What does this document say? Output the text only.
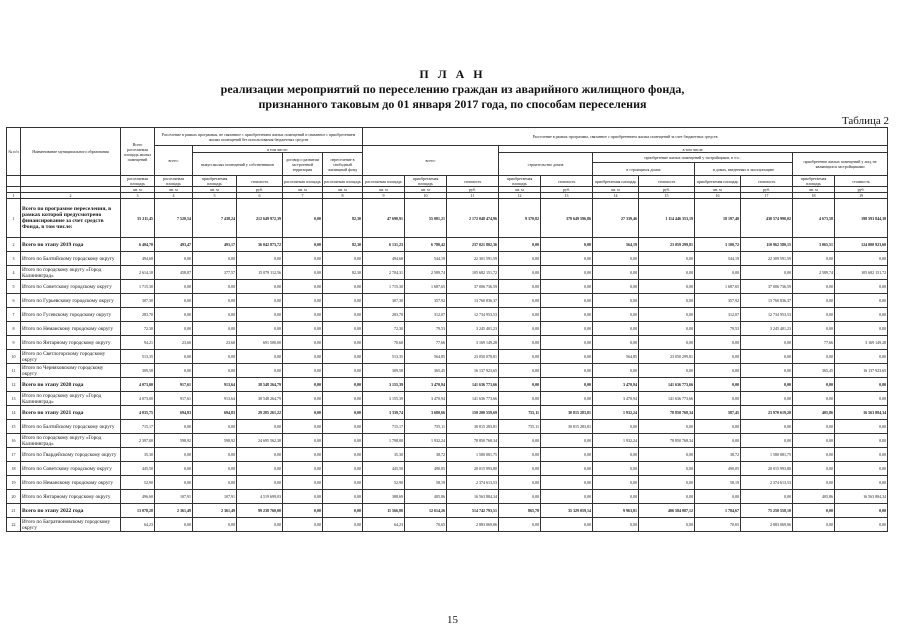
П Л А Н
реализации мероприятий по переселению граждан из аварийного жилищного фонда,
признанного таковым до 01 января 2017 года, по способам переселения
Таблица 2
№ п/п	Наименование муниципального образования	Всего расселяемая площадь жилых помещений	Расселение в рамках программы, не связанное с приобретением жилых помещений и связанное с приобретением жилых помещений без использования бюджетных средств					Расселение в рамках программы, связанное с приобретением жилых помещений за счет бюджетных средств										
			всего:	в том числе:				всего:			в том числе:							
				выкуп жилых помещений у собственников		договор о развитии застроенной территории	переселение в свободный жилищный фонд				строительство домов		приобретение жилых помещений у застройщиков, в т.ч.:				приобретение жилых помещений у лиц, не являющихся застройщиками	
													в строящихся домах		в домах, введенных в эксплуатацию			
		расселяемая площадь	расселяемая площадь	приобретаемая площадь	стоимость	расселяемая площадь	расселяемая площадь	расселяемая площадь	приобретаемая площадь	стоимость	приобретаемая площадь	стоимость	приобретаемая площадь	стоимость	приобретаемая площадь	стоимость	приобретаемая площадь	стоимость
		кв. м	кв. м	кв. м	руб.	кв. м	кв. м	кв. м	кв. м	руб.	кв. м	руб.	кв. м	руб.	кв. м	руб.	кв. м	руб.
1	2	3	4	5	6	7	8	9	10	11	12	13	14	15	16	17	18	19
1	Всего по программе переселения, в рамках которой предусмотрено финансирование за счет средств Фонда, в том числе:	55 211,45	7 520,54	7 438,24	212 649 972,39	0,00	82,30	47 690,91	55 081,21	2 172 048 474,96	9 370,82	378 649 596,86	27 339,46	1 114 446 353,19	18 197,40	430 574 990,02	4 673,58	198 593 844,38
2	Всего по этапу 2019 года	6 404,70	493,47	493,17	36 042 873,72	0,00	82,30	6 131,23	6 780,42	237 021 802,36	0,00	0,00	564,19	23 059 299,81	3 100,72	110 962 580,15	3 065,51	124 000 923,60
3	Итого по Балтийскому городскому округу	494,68	0,00	0,00	0,00	0,00	0,00	494,68	544,19	22 301 591,59	0,00	0,00	0,00	0,00	544,19	22 309 591,59	0,00	0,00
4	Итого по городскому округу «Город Калининград»	2 614,18	458,87	377,57	15 079 112,56	0,00	82,30	2 704,31	2 589,74	105 682 151,72	0,00	0,00	0,00	0,00	0,00	0,00	2 589,74	105 682 151,72
5	Итого по Советскому городскому округу	1 715,30	0,00	0,00	0,00	0,00	0,00	1 715,30	1 687,65	37 006 736,59	0,00	0,00	0,00	0,00	1 687,65	37 006 736,59	0,00	0,00
6	Итого по Гурьевскому городскому округу	307,30	0,00	0,00	0,00	0,00	0,00	307,30	357,92	13 760 836,37	0,00	0,00	0,00	0,00	357,92	13 760 836,37	0,00	0,00
7	Итого по Гусевскому городскому округу	283,70	0,00	0,00	0,00	0,00	0,00	283,70	312,07	12 734 953,53	0,00	0,00	0,00	0,00	312,07	12 734 953,53	0,00	0,00
8	Итого по Неманскому городскому округу	72,30	0,00	0,00	0,00	0,00	0,00	72,30	79,53	3 245 401,23	0,00	0,00	0,00	0,00	79,53	3 245 401,23	0,00	0,00
9	Итого по Янтарному городскому округу	94,21	23,60	23,60	691 500,00	0,00	0,00	70,60	77,66	3 169 149,28	0,00	0,00	0,00	0,00	0,00	0,00	77,66	3 169 149,28
10	Итого по Светлогорскому городскому округу	513,35	0,00	0,00	0,00	0,00	0,00	513,35	564,85	23 050 078,81	0,00	0,00	564,85	23 050 299,81	0,00	0,00	0,00	0,00
11	Итого по Черняховскому городскому округу	309,58	0,00	0,00	0,00	0,00	0,00	309,58	365,45	16 137 923,65	0,00	0,00	0,00	0,00	0,00	0,00	365,45	16 137 923,65
12	Всего по этапу 2020 года	4 073,00	917,61	913,64	38 548 264,79	0,00	0,00	3 155,39	3 470,94	141 636 773,66	0,00	0,00	3 470,94	141 636 773,66	0,00	0,00	0,00	0,00
13	Итого по городскому округу «Город Калининград»	4 073,00	917,61	913,64	38 548 264,79	0,00	0,00	3 155,39	3 470,94	141 636 773,66	0,00	0,00	3 470,94	141 636 773,66	0,00	0,00	0,00	0,00
14	Всего по этапу 2021 года	4 035,75	694,83	694,83	29 285 261,22	0,00	0,00	3 339,74	3 680,66	150 200 559,69	755,11	30 815 283,81	1 932,24	78 850 768,34	587,45	23 970 619,20	405,86	16 563 884,34
15	Итого по Балтийскому городскому округу	715,17	0,00	0,00	0,00	0,00	0,00	715,17	755,11	30 815 283,81	755,11	30 815 283,81	0,00	0,00	0,00	0,00	0,00	0,00
16	Итого по городскому округу «Город Калининград»	2 397,00	598,92	598,92	24 695 562,38	0,00	0,00	1 798,08	1 932,24	78 850 768,34	0,00	0,00	1 932,24	78 850 768,34	0,00	0,00	0,00	0,00
17	Итого по Гвардейскому городскому округу	35,30	0,00	0,00	0,00	0,00	0,00	35,30	38,72	1 580 081,75	0,00	0,00	0,00	0,00	38,72	1 580 081,75	0,00	0,00
18	Итого по Советскому городскому округу	445,50	0,00	0,00	0,00	0,00	0,00	445,50	490,05	20 015 993,80	0,00	0,00	0,00	0,00	490,05	20 015 993,80	0,00	0,00
19	Итого по Неманскому городскому округу	52,90	0,00	0,00	0,00	0,00	0,00	52,90	58,19	2 374 613,53	0,00	0,00	0,00	0,00	58,19	2 374 613,53	0,00	0,00
20	Итого по Янтарному городскому округу	496,60	107,91	107,91	4 519 699,03	0,00	0,00	388,69	405,86	16 563 884,34	0,00	0,00	0,00	0,00	0,00	0,00	405,86	16 563 884,34
21	Всего по этапу 2022 года	13 078,28	2 361,49	2 361,49	99 238 760,00	0,00	0,00	11 566,80	12 614,26	514 742 793,51	865,70	35 329 059,14	9 963,81	406 584 087,12	1 784,67	75 250 558,10	0,00	0,00
22	Итого по Багратионовскому городскому округу	64,23	0,00	0,00	0,00	0,00	0,00	64,23	70,65	2 883 069,06	0,00	0,00	0,00	0,00	70,65	2 883 069,06	0,00	0,00
15
